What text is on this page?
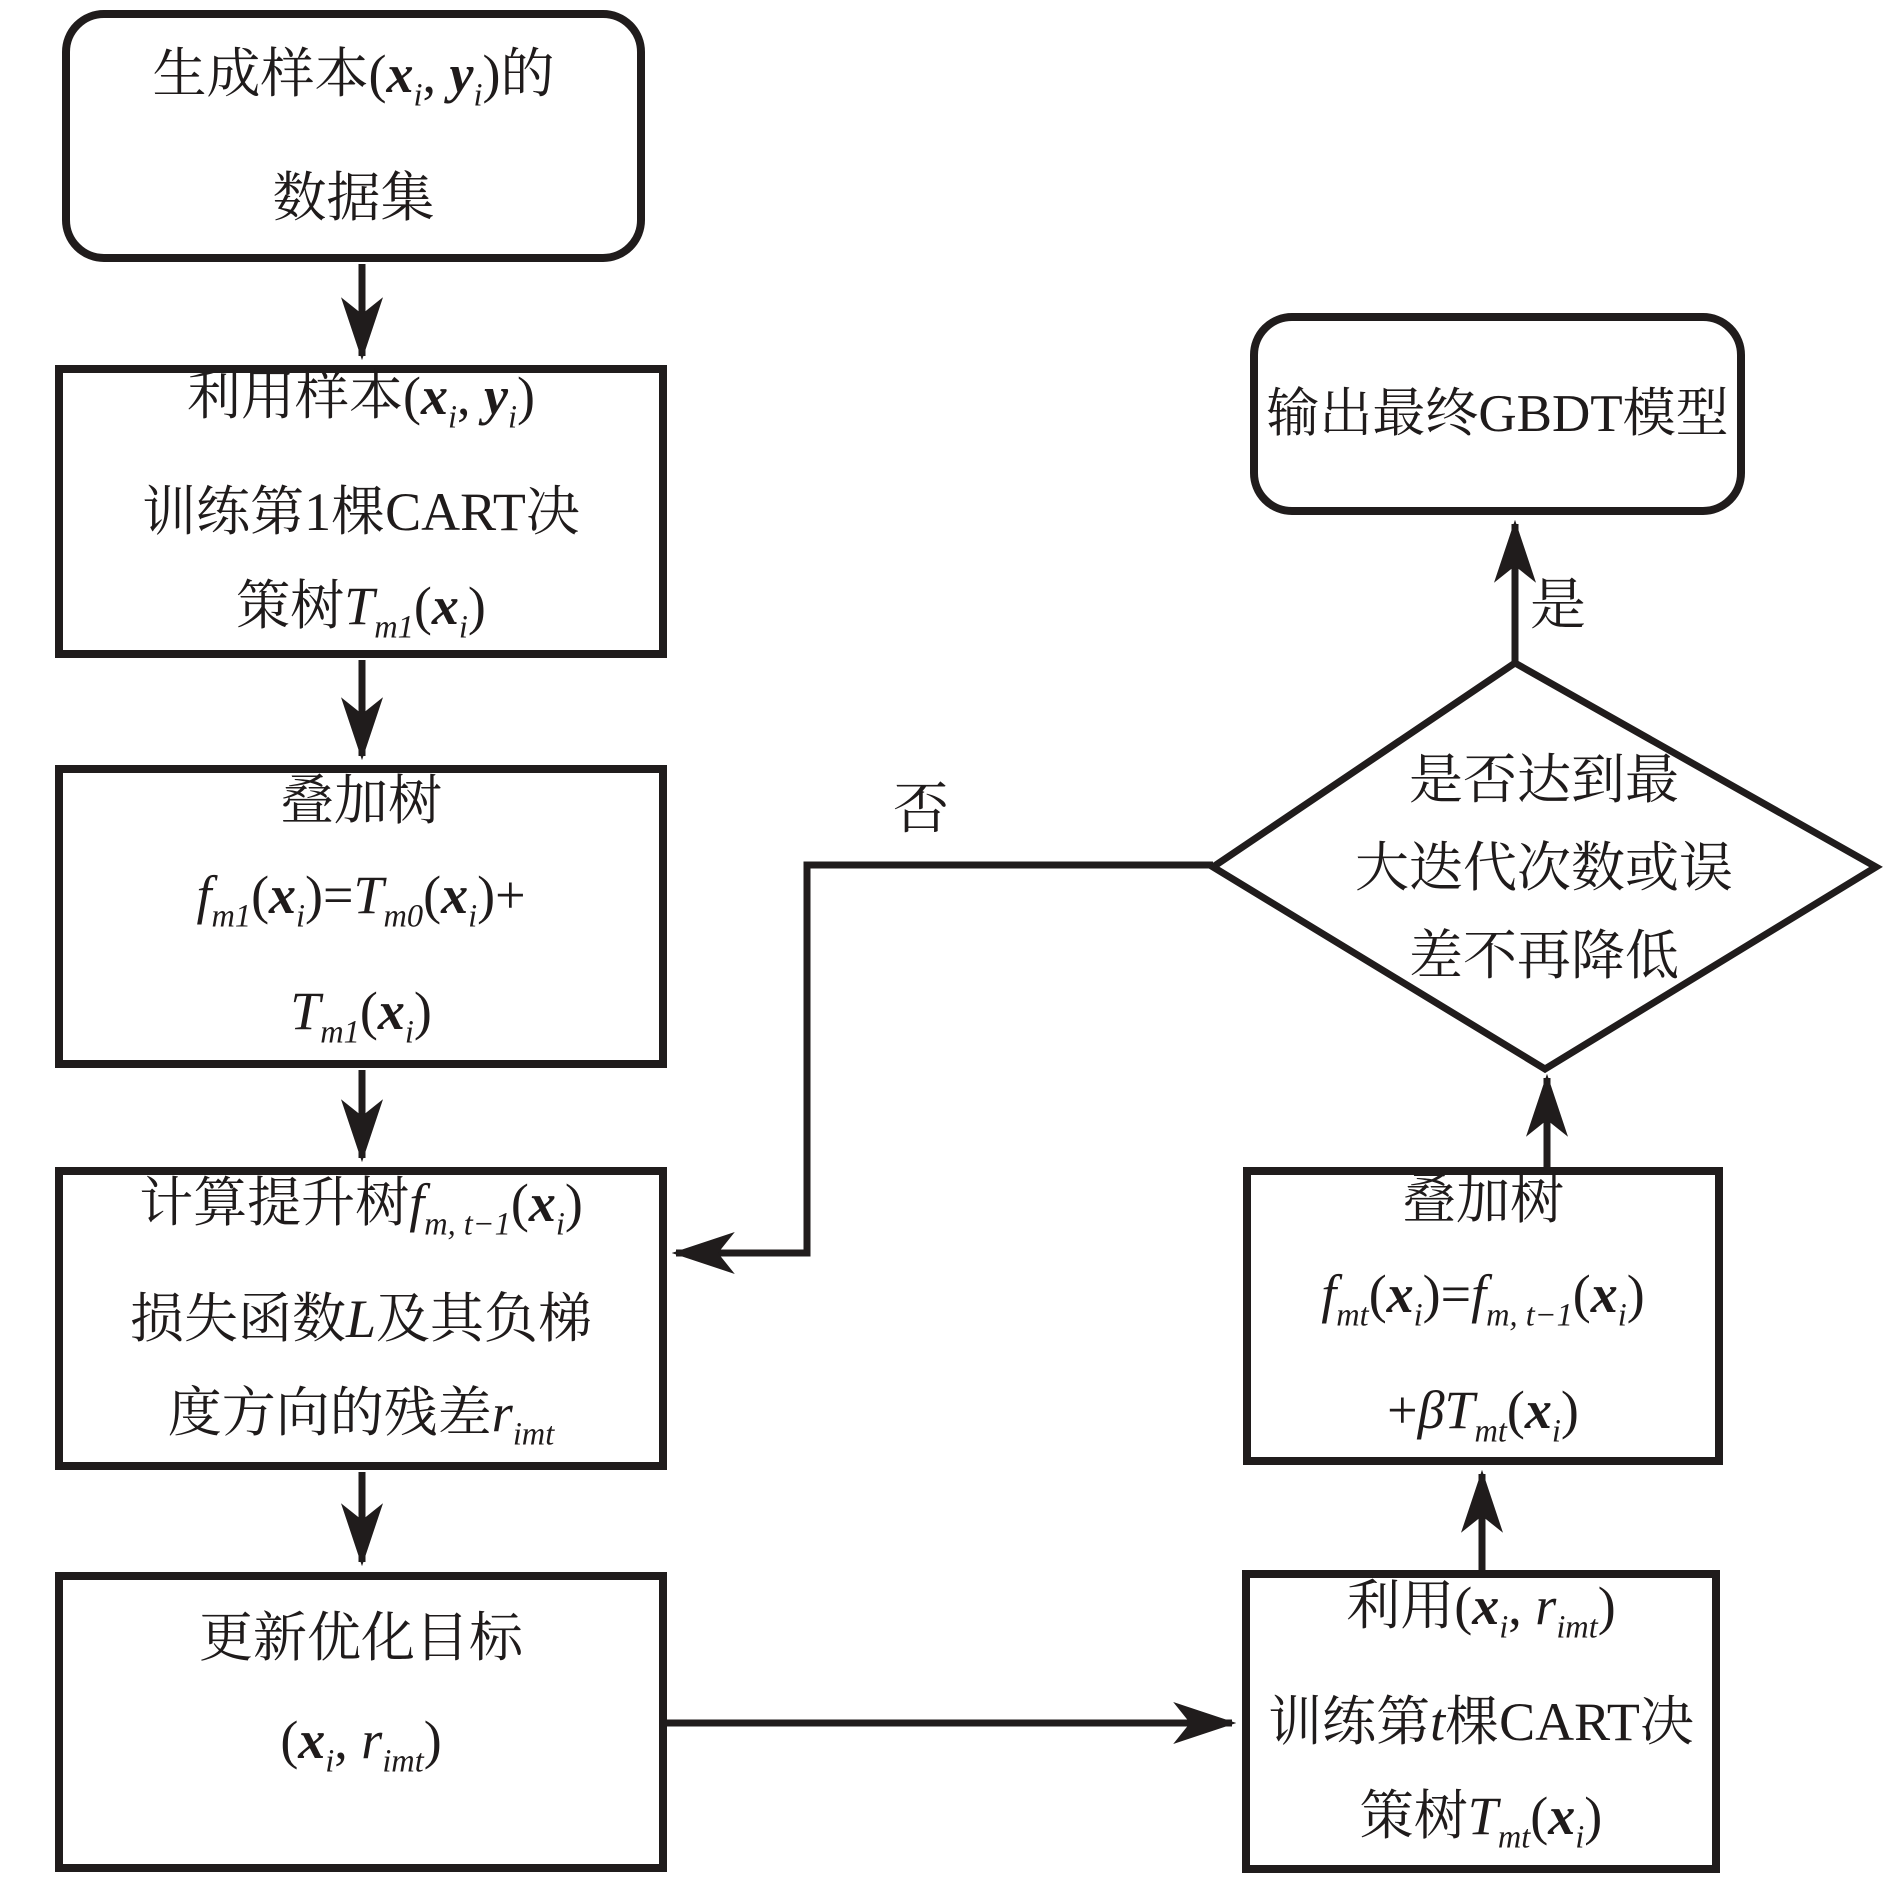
生成样本($x_i$, $y_i$)的
数据集
利用样本($x_i$, $y_i$)
训练第1棵CART决
策树$T_{m1}(x_i)$
叠加树
$f_{m1}(x_i)=T_{m0}(x_i)+$
$T_{m1}(x_i)$
计算提升树$f_{m, t-1}(x_i)$
损失函数L及其负梯
度方向的残差$r_{imt}$
更新优化目标
($x_i$, $r_{imt}$)
输出最终GBDT模型
是
是否达到最
大迭代次数或误
差不再降低
否
叠加树
$f_{mt}(x_i)=f_{m, t-1}(x_i)$
$+\beta T_{mt}(x_i)$
利用($x_i$, $r_{imt}$)
训练第t棵CART决
策树$T_{mt}(x_i)$
